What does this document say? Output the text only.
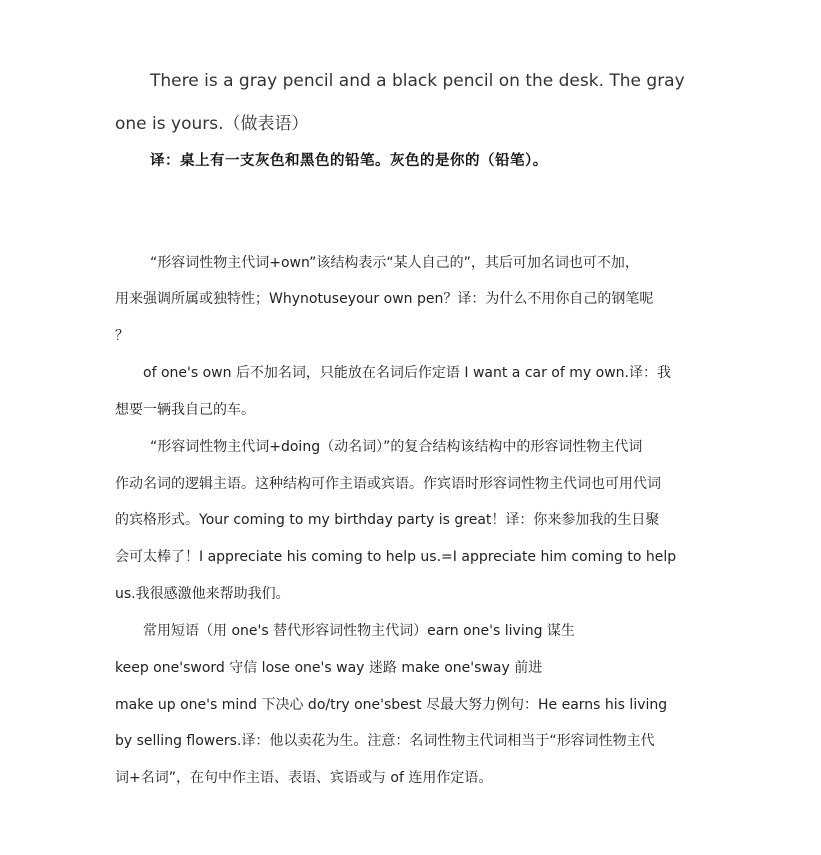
There is a gray pencil and a black pencil on the desk. The gray
one is yours.（做表语）
译：桌上有一支灰色和黑色的铅笔。灰色的是你的（铅笔）。
“形容词性物主代词+own”该结构表示“某人自己的”，其后可加名词也可不加，
用来强调所属或独特性；Whynotuseyour own pen？译：为什么不用你自己的钢笔呢
？
of one's own 后不加名词，只能放在名词后作定语 I want a car of my own.译：我
想要一辆我自己的车。
“形容词性物主代词+doing（动名词）”的复合结构该结构中的形容词性物主代词
作动名词的逻辑主语。这种结构可作主语或宾语。作宾语时形容词性物主代词也可用代词
的宾格形式。Your coming to my birthday party is great！译：你来参加我的生日聚
会可太棒了！I appreciate his coming to help us.=I appreciate him coming to help
us.我很感激他来帮助我们。
常用短语（用 one's 替代形容词性物主代词）earn one's living 谋生
keep one'sword 守信 lose one's way 迷路 make one'sway 前进
make up one's mind 下决心 do/try one'sbest 尽最大努力例句：He earns his living
by selling flowers.译：他以卖花为生。注意：名词性物主代词相当于“形容词性物主代
词+名词”，在句中作主语、表语、宾语或与 of 连用作定语。
